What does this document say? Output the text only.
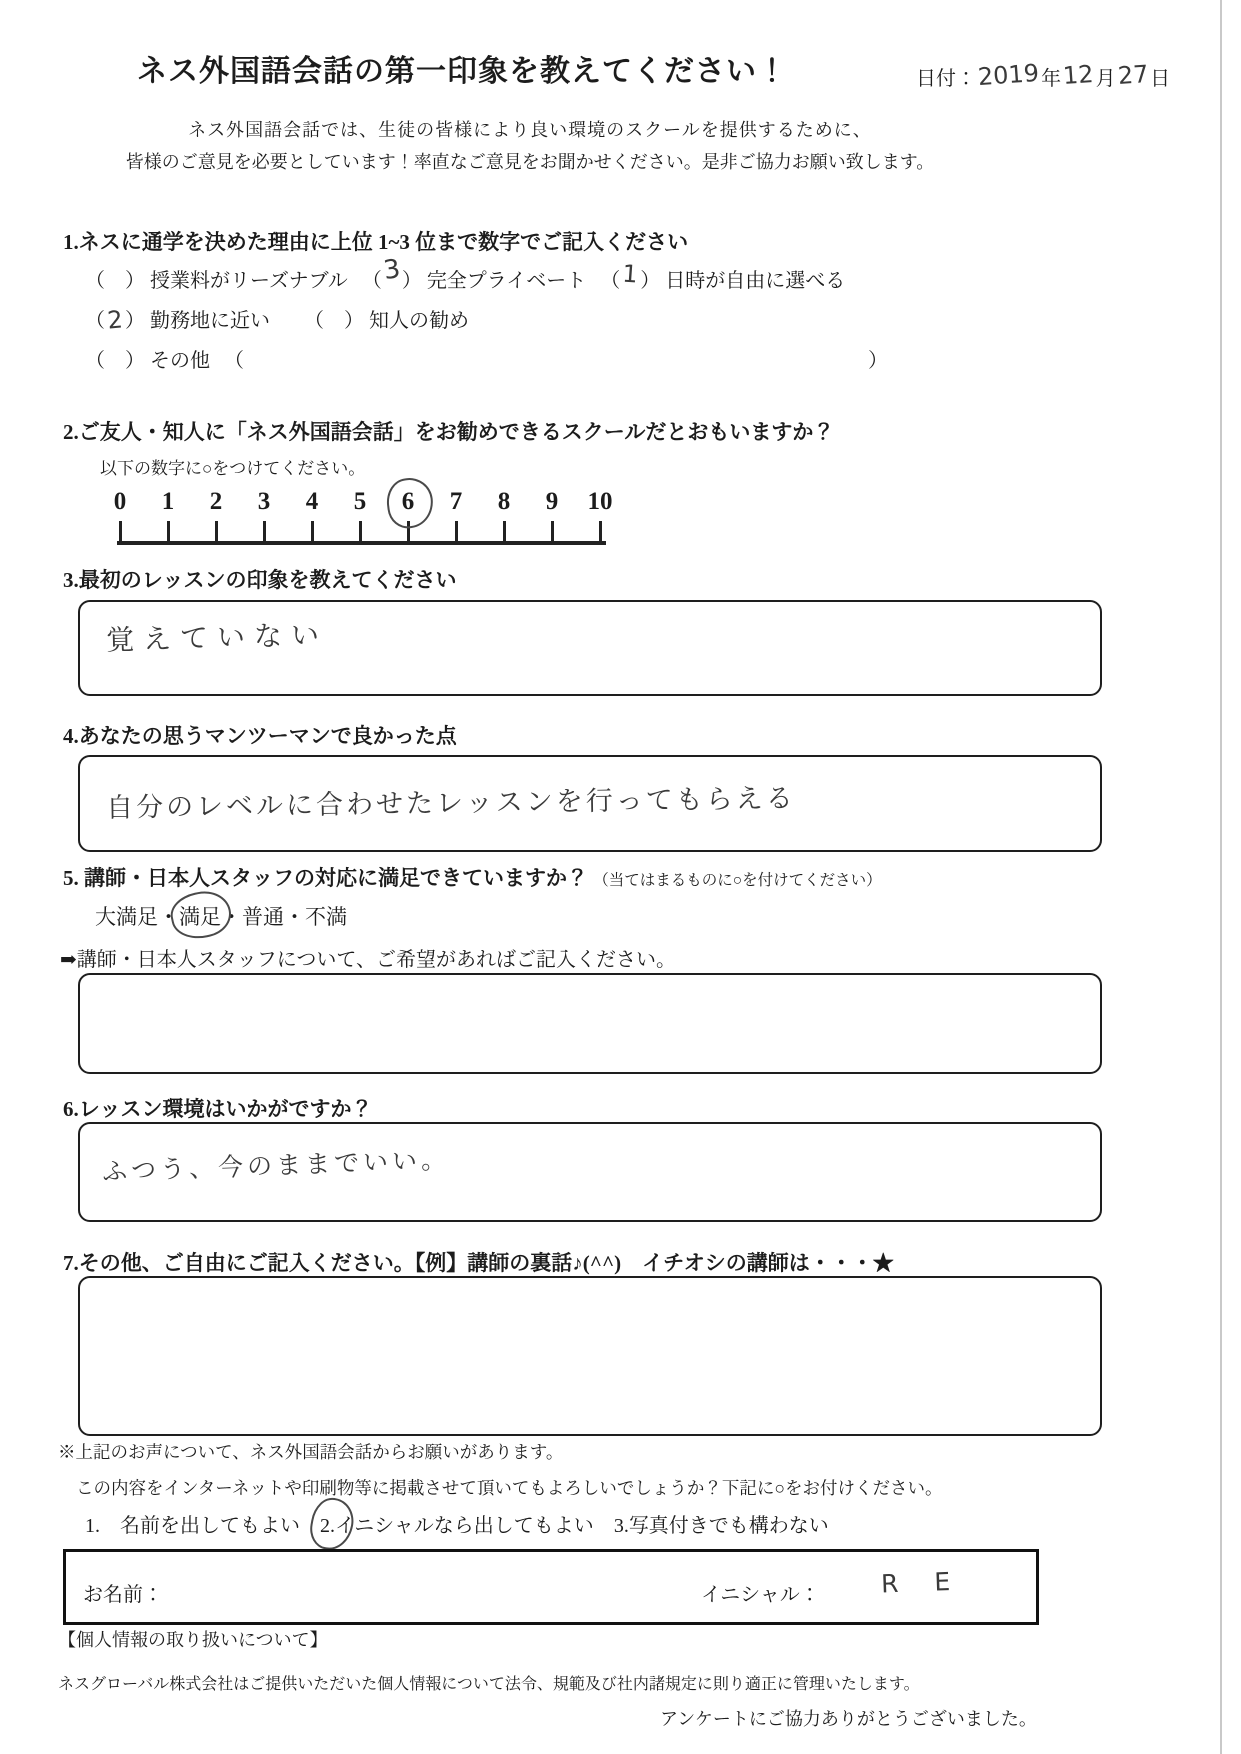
ネス外国語会話の第一印象を教えてください！	日付： 2019 年 12 月 27 日

ネス外国語会話では、生徒の皆様により良い環境のスクールを提供するために、

皆様のご意見を必要としています！率直なご意見をお聞かせください。是非ご協力お願い致します。

1.ネスに通学を決めた理由に上位 1~3 位まで数字でご記入ください
（ ） 授業料がリーズナブル （3） 完全プライベート （1） 日時が自由に選べる
（2） 勤務地に近い （ ） 知人の勧め
（ ） その他 （	）
2.ご友人・知人に「ネス外国語会話」をお勧めできるスクールだとおもいますか？

以下の数字に○をつけてください。

0	1	2	3	4	5	6	7	8	9	10
3.最初のレッスンの印象を教えてください
覚えていない
4.あなたの思うマンツーマンで良かった点
自分のレベルに合わせたレッスンを行ってもらえる
5. 講師・日本人スタッフの対応に満足できていますか？ （当てはまるものに○を付けてください）
大満足・満足
・普通・不満

➡講師・日本人スタッフについて、ご希望があればご記入ください。

6.レッスン環境はいかがですか？
ふつう、今のままでいい。
7.その他、ご自由にご記入ください。【例】講師の裏話♪(^^)　イチオシの講師は・・・★

※上記のお声について、ネス外国語会話からお願いがあります。

この内容をインターネットや印刷物等に掲載させて頂いてもよろしいでしょうか？下記に○をお付けください。

1.　名前を出してもよい 2.イニシャルなら出してもよい 3.写真付きでも構わない
お名前：	イニシャル： R E

【個人情報の取り扱いについて】

ネスグローバル株式会社はご提供いただいた個人情報について法令、規範及び社内諸規定に則り適正に管理いたします。

アンケートにご協力ありがとうございました。
